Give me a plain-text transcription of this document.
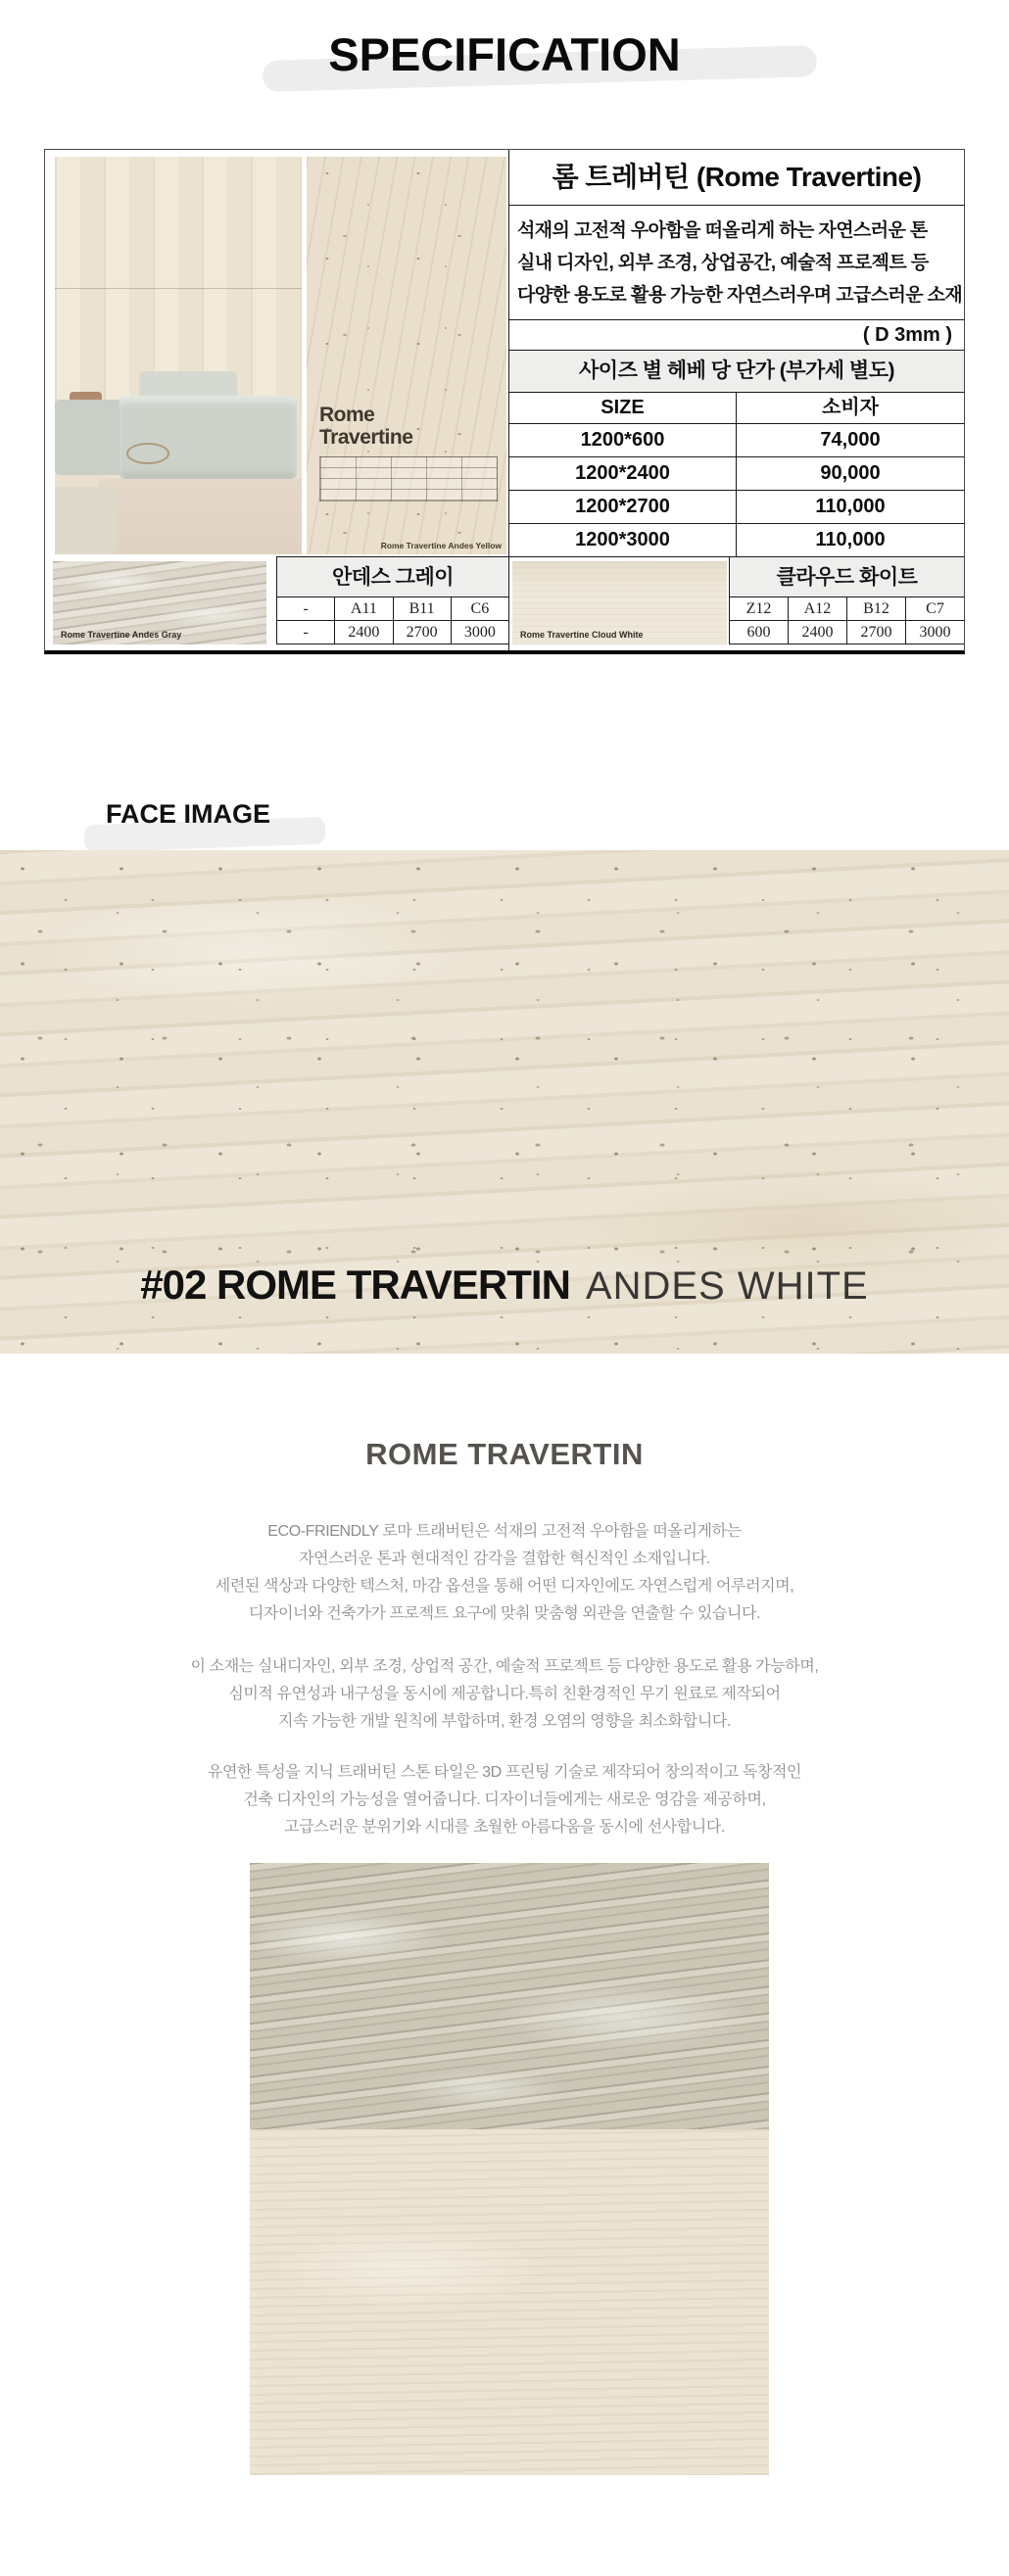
SPECIFICATION
Rome
Travertine
Rome Travertine Andes Yellow
Rome Travertine Andes Gray
안데스 그레이
-	A11	B11	C6
-	2400	2700	3000
롬 트레버틴 (Rome Travertine)
석재의 고전적 우아함을 떠올리게 하는 자연스러운 톤
실내 디자인, 외부 조경, 상업공간, 예술적 프로젝트 등
다양한 용도로 활용 가능한 자연스러우며 고급스러운 소재
( D 3mm )
사이즈 별 헤베 당 단가 (부가세 별도)
SIZE	소비자
1200*600	74,000
1200*2400	90,000
1200*2700	110,000
1200*3000	110,000
Rome Travertine Cloud White
클라우드 화이트
Z12	A12	B12	C7
600	2400	2700	3000
FACE IMAGE
#02 ROME TRAVERTIN ANDES WHITE
ROME TRAVERTIN
ECO-FRIENDLY 로마 트래버틴은 석재의 고전적 우아함을 떠올리게하는
자연스러운 톤과 현대적인 감각을 결합한 혁신적인 소재입니다.
세련된 색상과 다양한 텍스처, 마감 옵션을 통해 어떤 디자인에도 자연스럽게 어루러지며,
디자이너와 건축가가 프로젝트 요구에 맞춰 맞춤형 외관을 연출할 수 있습니다.
이 소재는 실내디자인, 외부 조경, 상업적 공간, 예술적 프로젝트 등 다양한 용도로 활용 가능하며,
심미적 유연성과 내구성을 동시에 제공합니다.특히 친환경적인 무기 원료로 제작되어
지속 가능한 개발 원칙에 부합하며, 환경 오염의 영향을 최소화합니다.
유연한 특성을 지닉 트래버틴 스톤 타일은 3D 프린팅 기술로 제작되어 창의적이고 독창적인
건축 디자인의 가능성을 열어줍니다. 디자이너들에게는 새로운 영감을 제공하며,
고급스러운 분위기와 시대를 초월한 아름다움을 동시에 선사합니다.
